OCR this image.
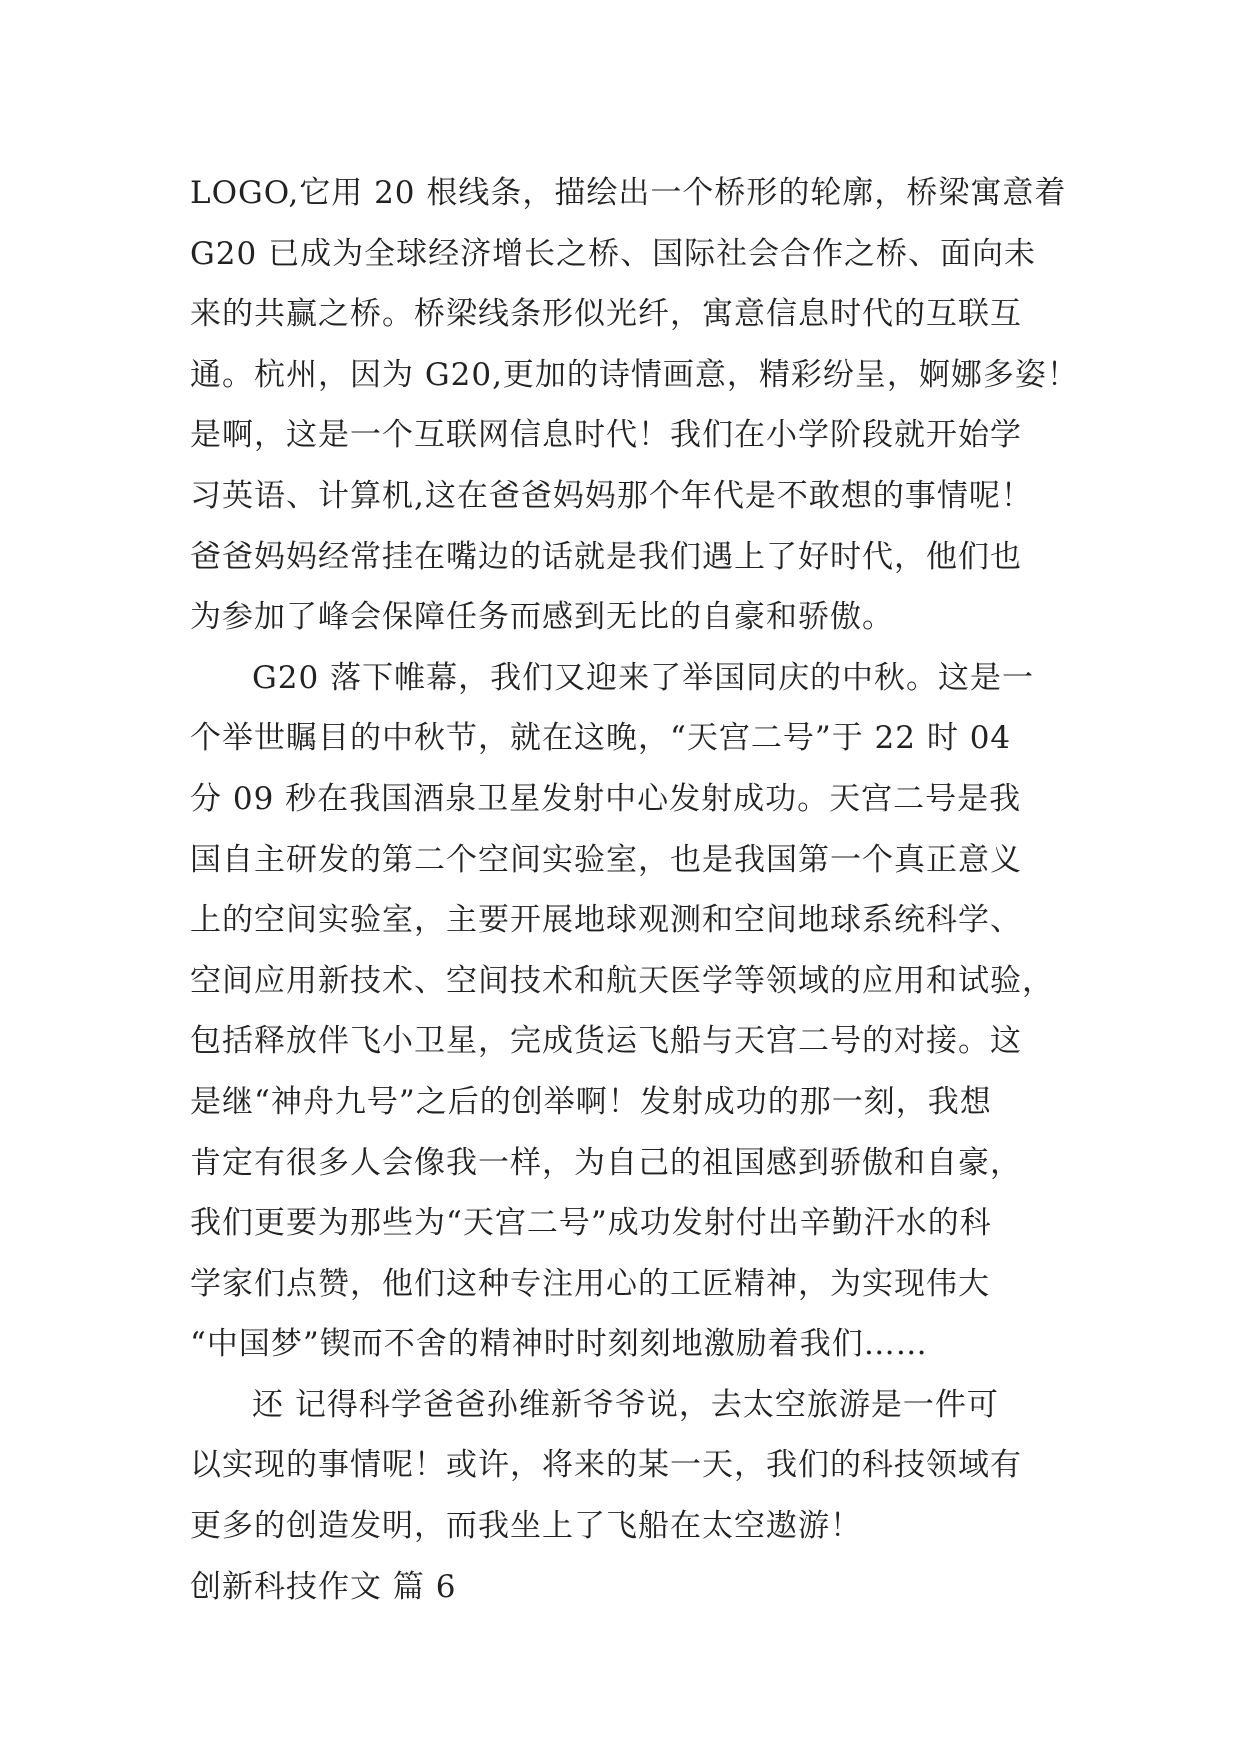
LOGO,它用 20 根线条，描绘出一个桥形的轮廓，桥梁寓意着
G20 已成为全球经济增长之桥、国际社会合作之桥、面向未
来的共赢之桥。桥梁线条形似光纤，寓意信息时代的互联互
通。杭州，因为 G20,更加的诗情画意，精彩纷呈，婀娜多姿！
是啊，这是一个互联网信息时代！我们在小学阶段就开始学
习英语、计算机,这在爸爸妈妈那个年代是不敢想的事情呢！
爸爸妈妈经常挂在嘴边的话就是我们遇上了好时代，他们也
为参加了峰会保障任务而感到无比的自豪和骄傲。
G20 落下帷幕，我们又迎来了举国同庆的中秋。这是一
个举世瞩目的中秋节，就在这晚，“天宫二号”于 22 时 04
分 09 秒在我国酒泉卫星发射中心发射成功。天宫二号是我
国自主研发的第二个空间实验室，也是我国第一个真正意义
上的空间实验室，主要开展地球观测和空间地球系统科学、
空间应用新技术、空间技术和航天医学等领域的应用和试验，
包括释放伴飞小卫星，完成货运飞船与天宫二号的对接。这
是继“神舟九号”之后的创举啊！发射成功的那一刻，我想
肯定有很多人会像我一样，为自己的祖国感到骄傲和自豪，
我们更要为那些为“天宫二号”成功发射付出辛勤汗水的科
学家们点赞，他们这种专注用心的工匠精神，为实现伟大
“中国梦”锲而不舍的精神时时刻刻地激励着我们……
还 记得科学爸爸孙维新爷爷说，去太空旅游是一件可
以实现的事情呢！或许，将来的某一天，我们的科技领域有
更多的创造发明，而我坐上了飞船在太空遨游！
创新科技作文 篇 6
